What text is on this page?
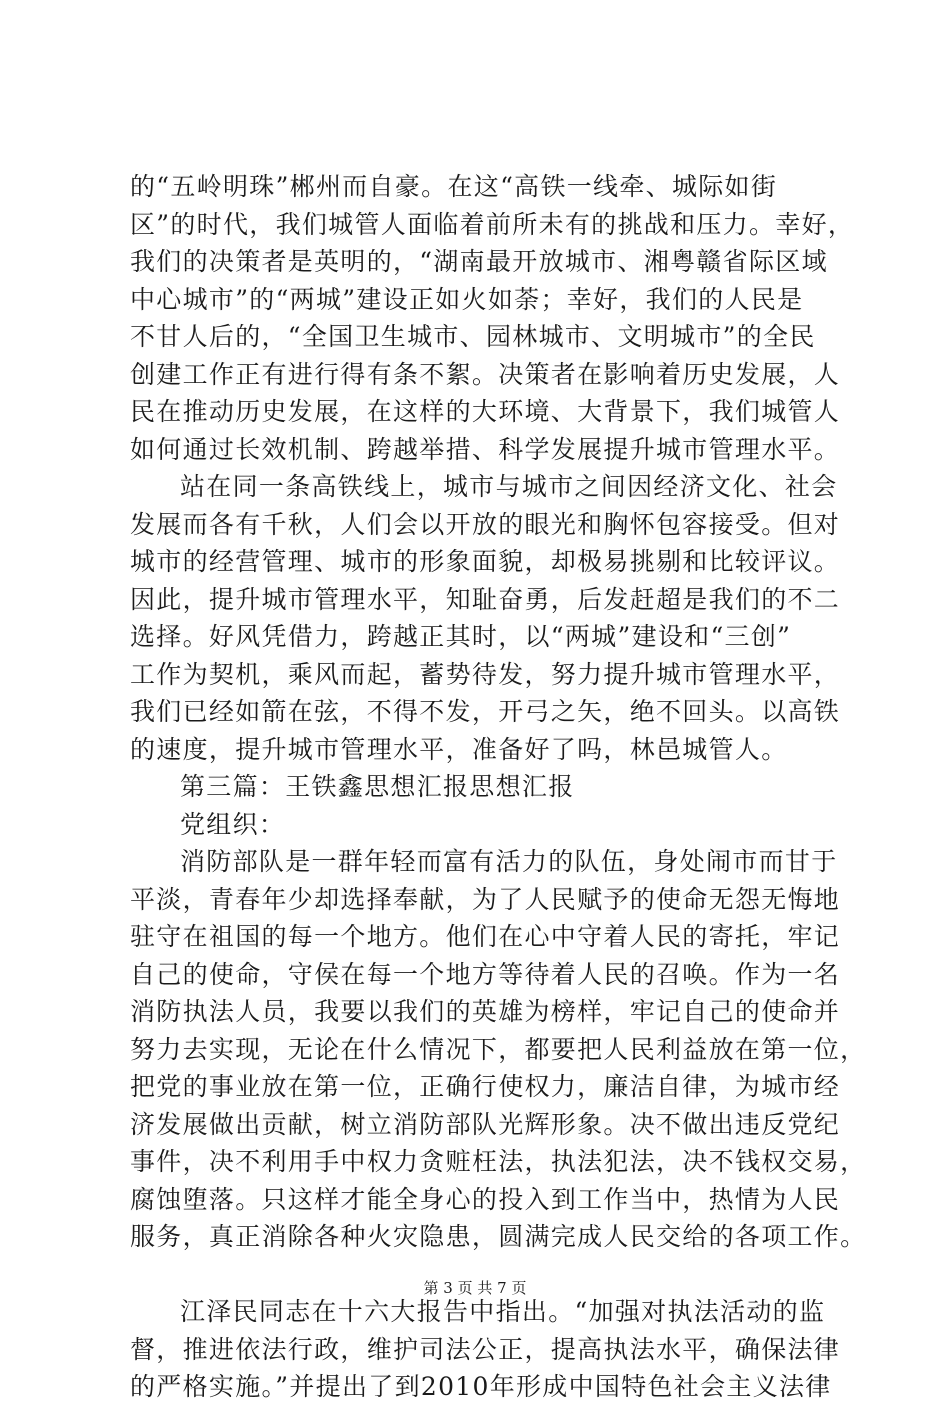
的“五岭明珠”郴州而自豪。在这“高铁一线牵、城际如街
区”的时代，我们城管人面临着前所未有的挑战和压力。幸好，
我们的决策者是英明的，“湖南最开放城市、湘粤赣省际区域
中心城市”的“两城”建设正如火如荼；幸好，我们的人民是
不甘人后的，“全国卫生城市、园林城市、文明城市”的全民
创建工作正有进行得有条不絮。决策者在影响着历史发展，人
民在推动历史发展，在这样的大环境、大背景下，我们城管人
如何通过长效机制、跨越举措、科学发展提升城市管理水平。
站在同一条高铁线上，城市与城市之间因经济文化、社会
发展而各有千秋，人们会以开放的眼光和胸怀包容接受。但对
城市的经营管理、城市的形象面貌，却极易挑剔和比较评议。
因此，提升城市管理水平，知耻奋勇，后发赶超是我们的不二
选择。好风凭借力，跨越正其时，以“两城”建设和“三创”
工作为契机，乘风而起，蓄势待发，努力提升城市管理水平，
我们已经如箭在弦，不得不发，开弓之矢，绝不回头。以高铁
的速度，提升城市管理水平，准备好了吗，林邑城管人。
第三篇：王铁鑫思想汇报思想汇报
党组织：
消防部队是一群年轻而富有活力的队伍，身处闹市而甘于
平淡，青春年少却选择奉献，为了人民赋予的使命无怨无悔地
驻守在祖国的每一个地方。他们在心中守着人民的寄托，牢记
自己的使命，守侯在每一个地方等待着人民的召唤。作为一名
消防执法人员，我要以我们的英雄为榜样，牢记自己的使命并
努力去实现，无论在什么情况下，都要把人民利益放在第一位，
把党的事业放在第一位，正确行使权力，廉洁自律，为城市经
济发展做出贡献，树立消防部队光辉形象。决不做出违反党纪
事件，决不利用手中权力贪赃枉法，执法犯法，决不钱权交易，
腐蚀堕落。只这样才能全身心的投入到工作当中，热情为人民
服务，真正消除各种火灾隐患，圆满完成人民交给的各项工作。
江泽民同志在十六大报告中指出。“加强对执法活动的监
督，推进依法行政，维护司法公正，提高执法水平，确保法律
的严格实施。”并提出了到2010年形成中国特色社会主义法律
第 3 页 共 7 页
